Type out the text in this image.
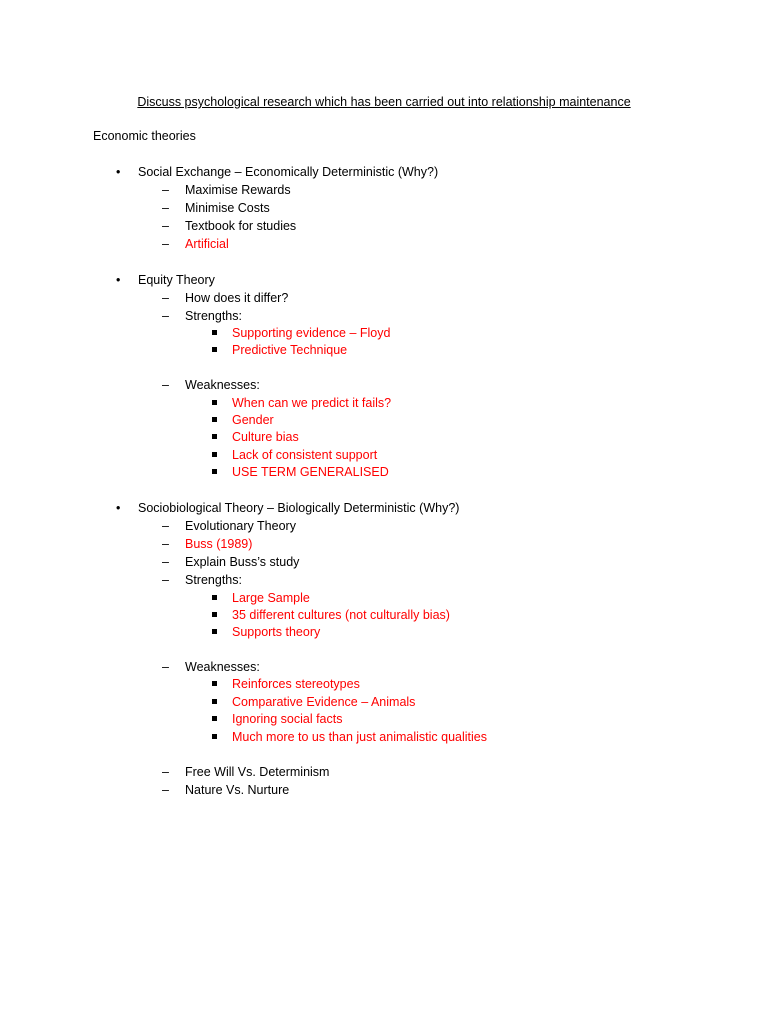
Discuss psychological research which has been carried out into relationship maintenance
Economic theories
• Social Exchange – Economically Deterministic (Why?)
– Maximise Rewards
– Minimise Costs
– Textbook for studies
– Artificial
• Equity Theory
– How does it differ?
– Strengths:
Supporting evidence – Floyd
Predictive Technique
– Weaknesses:
When can we predict it fails?
Gender
Culture bias
Lack of consistent support
USE TERM GENERALISED
• Sociobiological Theory – Biologically Deterministic (Why?)
– Evolutionary Theory
– Buss (1989)
– Explain Buss’s study
– Strengths:
Large Sample
35 different cultures (not culturally bias)
Supports theory
– Weaknesses:
Reinforces stereotypes
Comparative Evidence – Animals
Ignoring social facts
Much more to us than just animalistic qualities
– Free Will Vs. Determinism
– Nature Vs. Nurture
